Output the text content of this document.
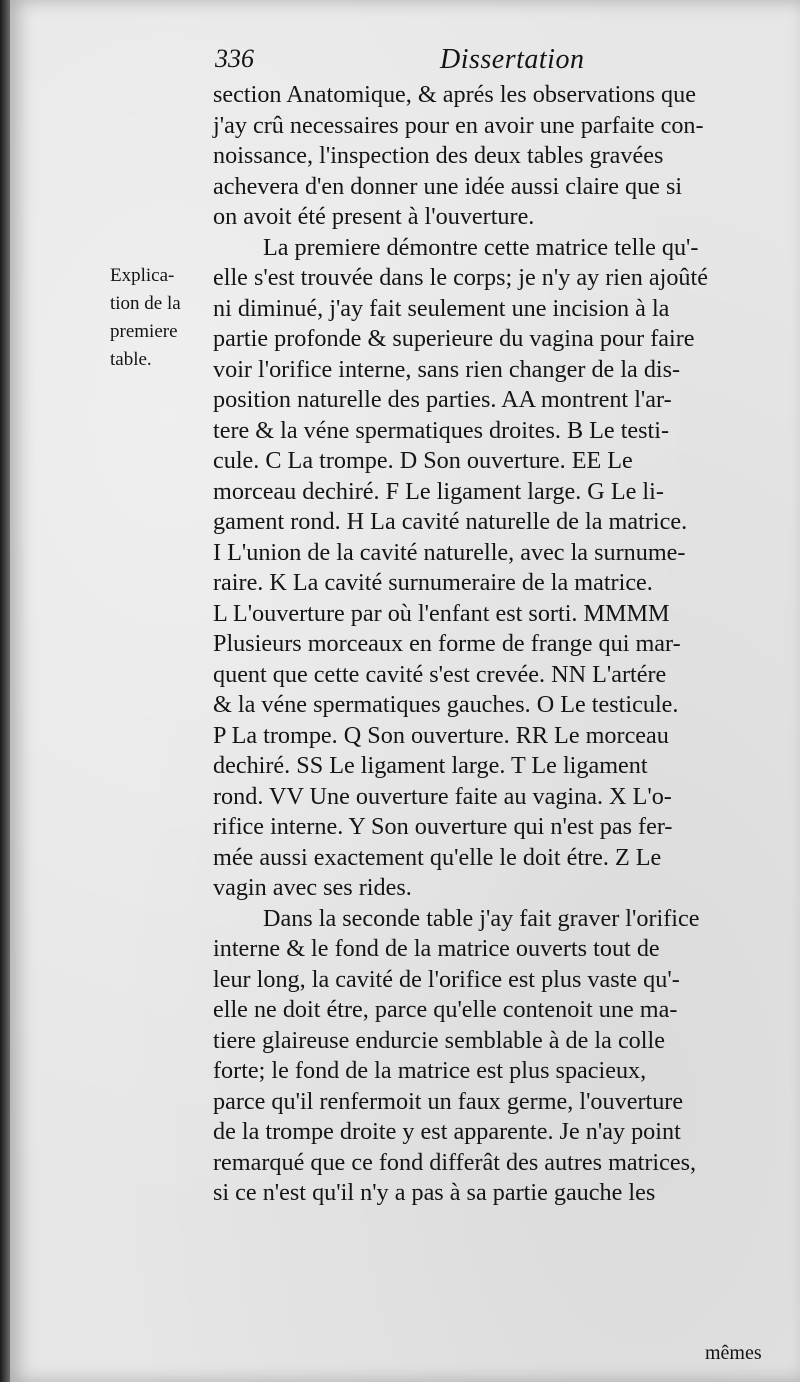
336	Dissertation
Explica-
tion de la
premiere
table.
section Anatomique, & aprés les observations que
j'ay crû necessaires pour en avoir une parfaite con-
noissance, l'inspection des deux tables gravées
achevera d'en donner une idée aussi claire que si
on avoit été present à l'ouverture.
La premiere démontre cette matrice telle qu'-
elle s'est trouvée dans le corps; je n'y ay rien ajoûté
ni diminué, j'ay fait seulement une incision à la
partie profonde & superieure du vagina pour faire
voir l'orifice interne, sans rien changer de la dis-
position naturelle des parties. AA montrent l'ar-
tere & la véne spermatiques droites. B Le testi-
cule. C La trompe. D Son ouverture. EE Le
morceau dechiré. F Le ligament large. G Le li-
gament rond. H La cavité naturelle de la matrice.
I L'union de la cavité naturelle, avec la surnume-
raire. K La cavité surnumeraire de la matrice.
L L'ouverture par où l'enfant est sorti. MMMM
Plusieurs morceaux en forme de frange qui mar-
quent que cette cavité s'est crevée. NN L'artére
& la véne spermatiques gauches. O Le testicule.
P La trompe. Q Son ouverture. RR Le morceau
dechiré. SS Le ligament large. T Le ligament
rond. VV Une ouverture faite au vagina. X L'o-
rifice interne. Y Son ouverture qui n'est pas fer-
mée aussi exactement qu'elle le doit étre. Z Le
vagin avec ses rides.
Dans la seconde table j'ay fait graver l'orifice
interne & le fond de la matrice ouverts tout de
leur long, la cavité de l'orifice est plus vaste qu'-
elle ne doit étre, parce qu'elle contenoit une ma-
tiere glaireuse endurcie semblable à de la colle
forte; le fond de la matrice est plus spacieux,
parce qu'il renfermoit un faux germe, l'ouverture
de la trompe droite y est apparente. Je n'ay point
remarqué que ce fond differât des autres matrices,
si ce n'est qu'il n'y a pas à sa partie gauche les
mêmes
